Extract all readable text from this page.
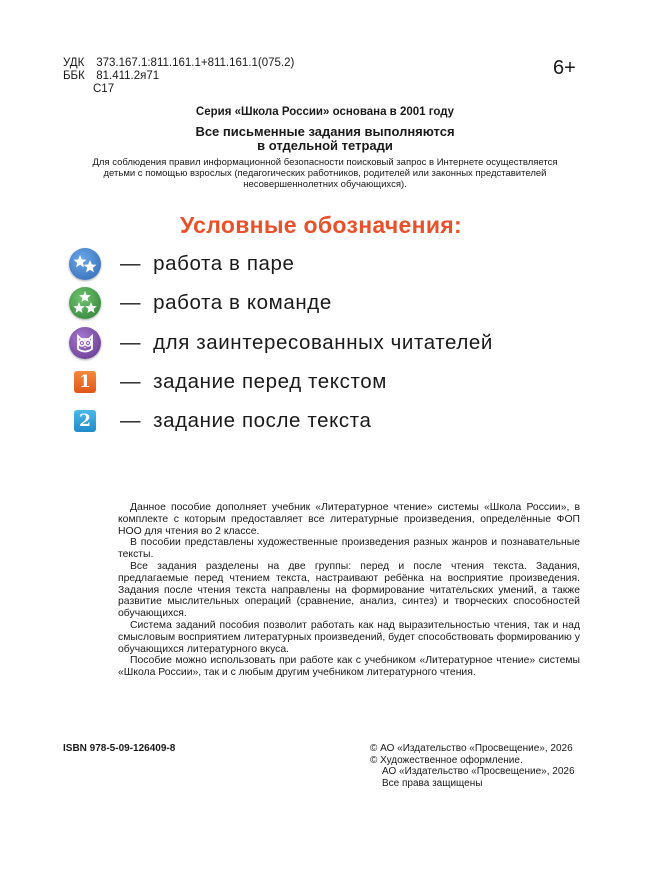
УДК 373.167.1:811.161.1+811.161.1(075.2)
ББК 81.411.2я71
С17
6+
Серия «Школа России» основана в 2001 году
Все письменные задания выполняются
в отдельной тетради
Для соблюдения правил информационной безопасности поисковый запрос в Интернете осуществляется
детьми с помощью взрослых (педагогических работников, родителей или законных представителей
несовершеннолетних обучающихся).
Условные обозначения:
— работа в паре
— работа в команде
— для заинтересованных читателей
1 — задание перед текстом
2 — задание после текста

Данное пособие дополняет учебник «Литературное чтение» системы «Школа России», в комплекте с которым предоставляет все литературные произведения, определённые ФОП НОО для чтения во 2 классе.

В пособии представлены художественные произведения разных жанров и познавательные тексты.

Все задания разделены на две группы: перед и после чтения текста. Задания, предлагаемые перед чтением текста, настраивают ребёнка на восприятие произведения. Задания после чтения текста направлены на формирование читательских умений, а также развитие мыслительных операций (сравнение, анализ, синтез) и творческих способностей обучающихся.

Система заданий пособия позволит работать как над выразительностью чтения, так и над смысловым восприятием литературных произведений, будет способствовать формированию у обучающихся литературного вкуса.

Пособие можно использовать при работе как с учебником «Литературное чтение» системы «Школа России», так и с любым другим учебником литературного чтения.

ISBN 978-5-09-126409-8	© АО «Издательство «Просвещение», 2026
© Художественное оформление.
АО «Издательство «Просвещение», 2026
Все права защищены
